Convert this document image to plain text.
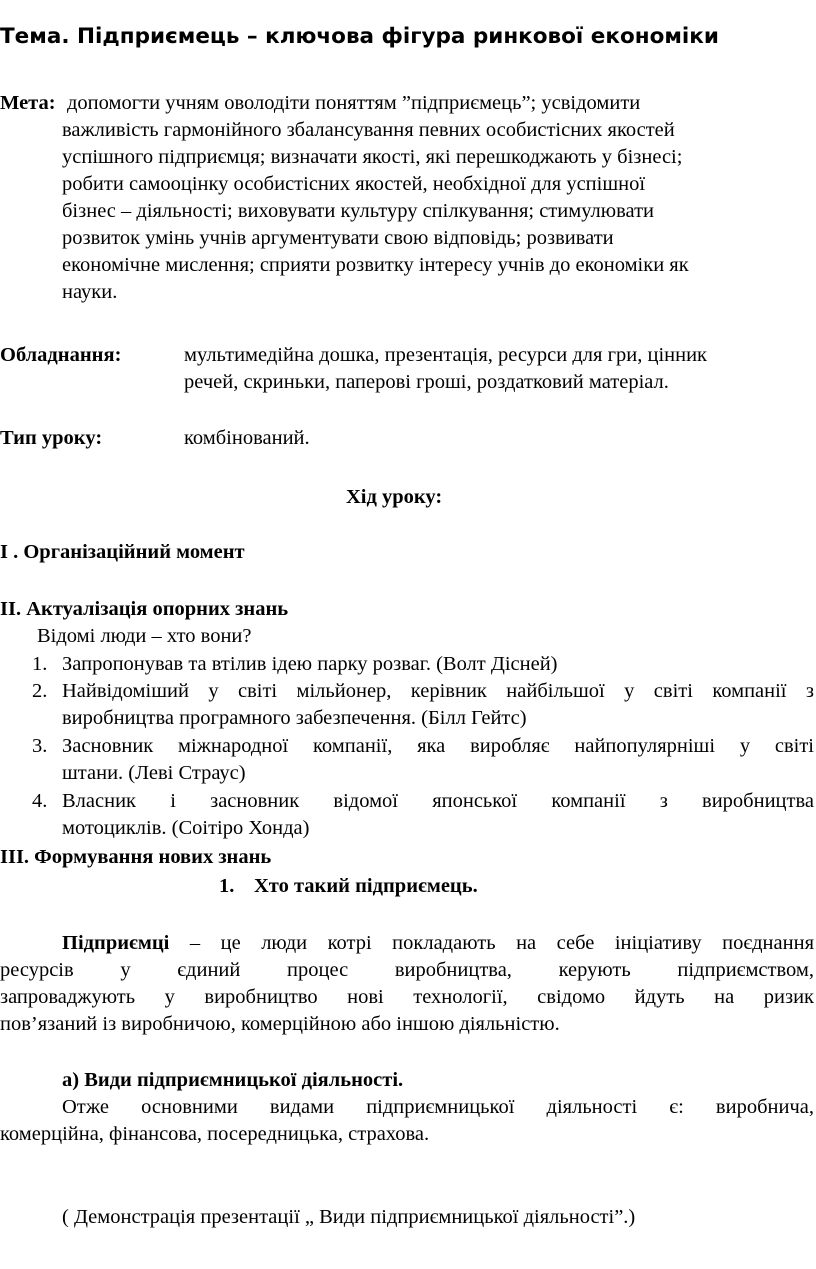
Тема. Підприємець – ключова фігура ринкової економіки
Мета: допомогти учням оволодіти поняттям ”підприємець”; усвідомити
важливість гармонійного збалансування певних особистісних якостей
успішного підприємця; визначати якості, які перешкоджають у бізнесі;
робити самооцінку особистісних якостей, необхідної для успішної
бізнес – діяльності; виховувати культуру спілкування; стимулювати
розвиток умінь учнів аргументувати свою відповідь; розвивати
економічне мислення; сприяти розвитку інтересу учнів до економіки як
науки.
Обладнання:	мультимедійна дошка, презентація, ресурси для гри, цінник
речей, скриньки, паперові гроші, роздатковий матеріал.
Тип уроку:	комбінований.
Хід уроку:
І . Організаційний момент
ІІ. Актуалізація опорних знань
Відомі люди – хто вони?
1. Запропонував та втілив ідею парку розваг. (Волт Дісней)
2. Найвідоміший у світі мільйонер, керівник найбільшої у світі компанії з
виробництва програмного забезпечення. (Білл Гейтс)
3. Засновник міжнародної компанії, яка виробляє найпопулярніші у світі
штани. (Леві Страус)
4. Власник і засновник відомої японської компанії з виробництва
мотоциклів. (Соітіро Хонда)
ІІІ. Формування нових знань
1. Хто такий підприємець.
Підприємці – це люди котрі покладають на себе ініціативу поєднання
ресурсів у єдиний процес виробництва, керують підприємством,
запроваджують у виробництво нові технології, свідомо йдуть на ризик
пов’язаний із виробничою, комерційною або іншою діяльністю.
а) Види підприємницької діяльності.
Отже основними видами підприємницької діяльності є: виробнича,
комерційна, фінансова, посередницька, страхова.
( Демонстрація презентації „ Види підприємницької діяльності”.)
